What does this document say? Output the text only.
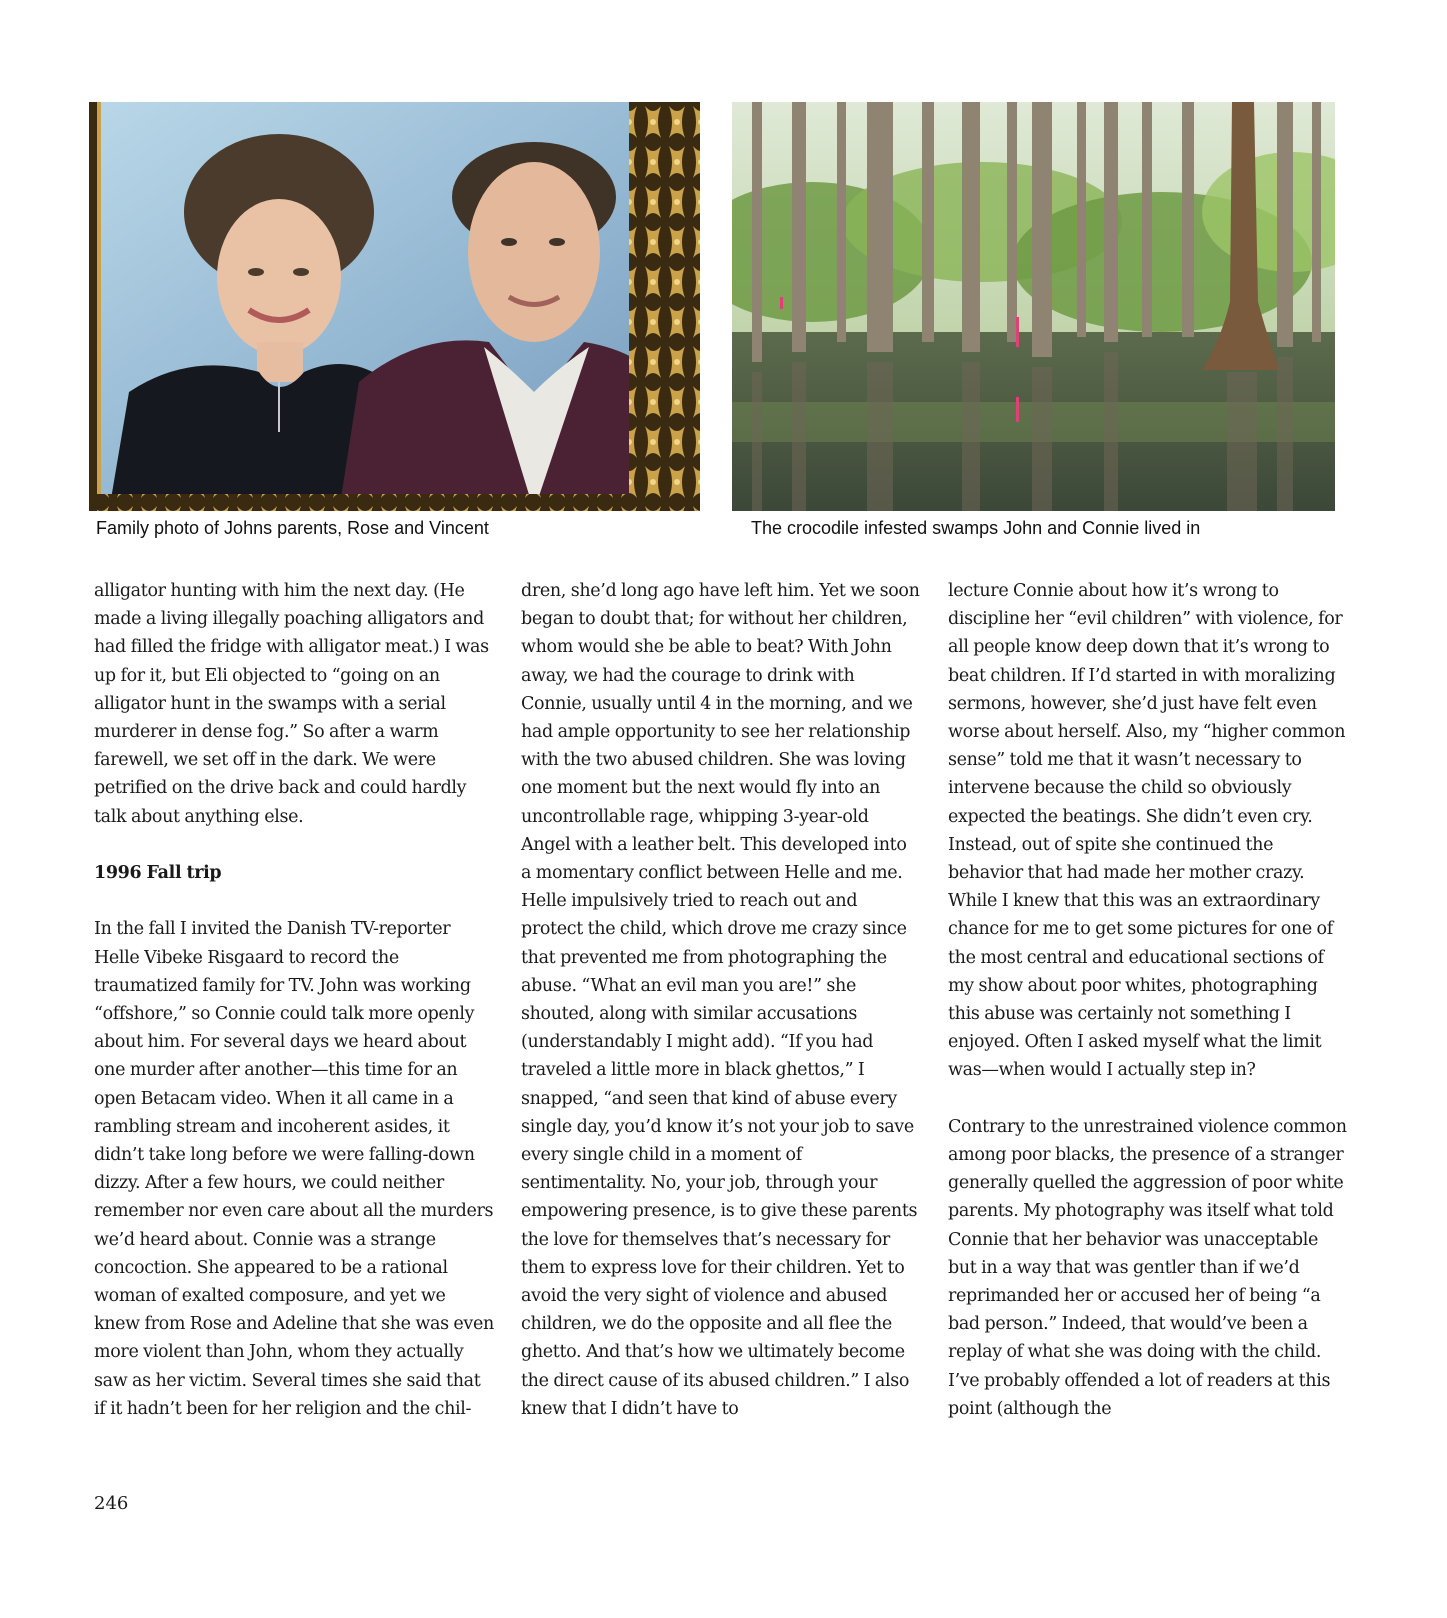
Family photo of Johns parents, Rose and Vincent	The crocodile infested swamps John and Connie lived in

alligator hunting with him the next day. (He made a living illegally poaching alligators and had filled the fridge with alligator meat.) I was up for it, but Eli objected to “going on an alligator hunt in the swamps with a serial murderer in dense fog.” So after a warm farewell, we set off in the dark. We were petrified on the drive back and could hardly talk about anything else.

1996 Fall trip

In the fall I invited the Danish TV-reporter Helle Vibeke Risgaard to record the traumatized family for TV. John was working “offshore,” so Connie could talk more openly about him. For several days we heard about one murder after another—this time for an open Betacam video. When it all came in a rambling stream and incoherent asides, it didn’t take long before we were falling-down dizzy. After a few hours, we could neither remember nor even care about all the murders we’d heard about. Connie was a strange concoction. She appeared to be a rational woman of exalted composure, and yet we knew from Rose and Adeline that she was even more violent than John, whom they actually saw as her victim. Several times she said that if it hadn’t been for her religion and the chil-

dren, she’d long ago have left him. Yet we soon began to doubt that; for without her children, whom would she be able to beat? With John away, we had the courage to drink with Connie, usually until 4 in the morning, and we had ample opportunity to see her relationship with the two abused children. She was loving one moment but the next would fly into an uncontrollable rage, whipping 3-year-old Angel with a leather belt. This developed into a momentary conflict between Helle and me. Helle impulsively tried to reach out and protect the child, which drove me crazy since that prevented me from photographing the abuse. “What an evil man you are!” she shouted, along with similar accusations (understandably I might add). “If you had traveled a little more in black ghettos,” I snapped, “and seen that kind of abuse every single day, you’d know it’s not your job to save every single child in a moment of sentimentality. No, your job, through your empowering presence, is to give these parents the love for themselves that’s necessary for them to express love for their children. Yet to avoid the very sight of violence and abused children, we do the opposite and all flee the ghetto. And that’s how we ultimately become the direct cause of its abused children.” I also knew that I didn’t have to

lecture Connie about how it’s wrong to discipline her “evil children” with violence, for all people know deep down that it’s wrong to beat children. If I’d started in with moralizing sermons, however, she’d just have felt even worse about herself. Also, my “higher common sense” told me that it wasn’t necessary to intervene because the child so obviously expected the beatings. She didn’t even cry. Instead, out of spite she continued the behavior that had made her mother crazy. While I knew that this was an extraordinary chance for me to get some pictures for one of the most central and educational sections of my show about poor whites, photographing this abuse was certainly not something I enjoyed. Often I asked myself what the limit was—when would I actually step in?

Contrary to the unrestrained violence common among poor blacks, the presence of a stranger generally quelled the aggression of poor white parents. My photography was itself what told Connie that her behavior was unacceptable but in a way that was gentler than if we’d reprimanded her or accused her of being “a bad person.” Indeed, that would’ve been a replay of what she was doing with the child. I’ve probably offended a lot of readers at this point (although the

246
